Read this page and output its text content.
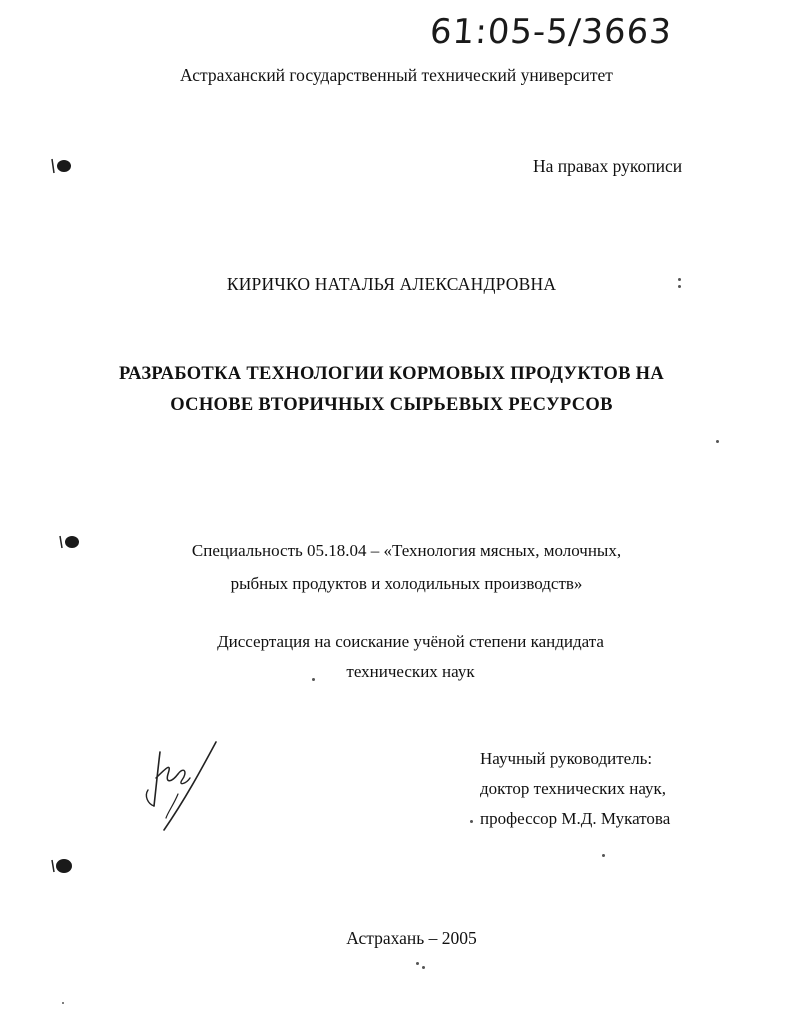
61:05-5/3663
Астраханский государственный технический университет
На правах рукописи
КИРИЧКО НАТАЛЬЯ АЛЕКСАНДРОВНА
РАЗРАБОТКА ТЕХНОЛОГИИ КОРМОВЫХ ПРОДУКТОВ НА
ОСНОВЕ ВТОРИЧНЫХ СЫРЬЕВЫХ РЕСУРСОВ
Специальность 05.18.04 – «Технология мясных, молочных,
рыбных продуктов и холодильных производств»
Диссертация на соискание учёной степени кандидата
технических наук
Научный руководитель:
доктор технических наук,
профессор М.Д. Мукатова
Астрахань – 2005
